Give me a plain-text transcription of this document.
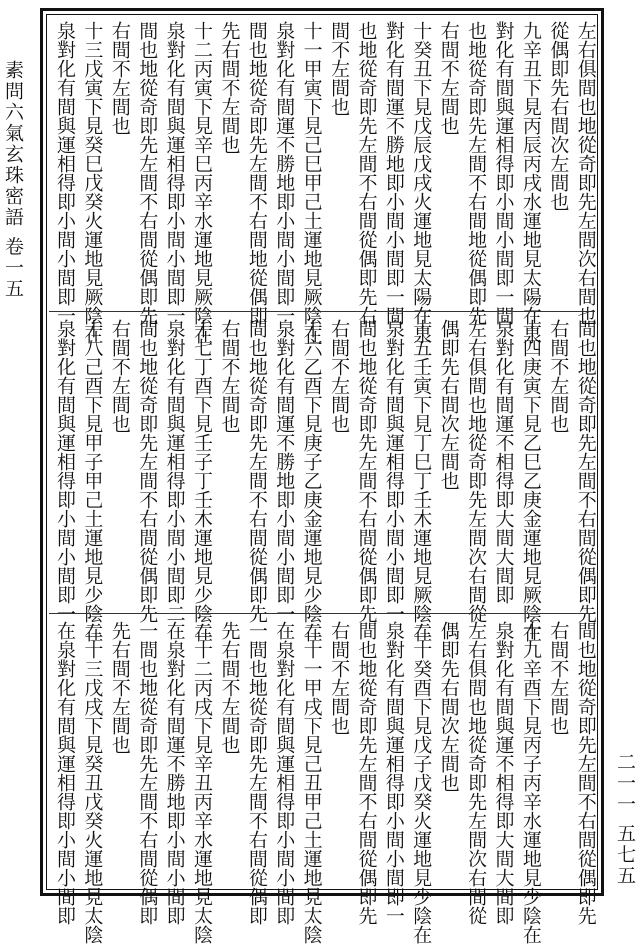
素問六氣玄珠密語 卷一五
二一一 五七五
左右俱間也地從奇即先左間次右間也
從偶即先右間次左間也
九辛丑下見丙辰丙戌水運地見太陽在泉
對化有間與運相得即小間小間即一間
也地從奇即先左間不右間地從偶即先
右間不左間也
十癸丑下見戊辰戊戌火運地見太陽在泉
對化有間運不勝地即小間小間即一間
也地從奇即先左間不右間從偶即先右
間不左間也
十一甲寅下見己巳甲己土運地見厥陰在
泉對化有間運不勝地即小間小間即一
間也地從奇即先左間不右間地從偶即
先右間不左間也
十二丙寅下見辛巳丙辛水運地見厥陰在
泉對化有間與運相得即小間小間即一
間也地從奇即先左間不右間從偶即先
右間不左間也
十三戊寅下見癸巳戊癸火運地見厥陰在
泉對化有間與運相得即小間小間即一
間也地從奇即先左間不右間從偶即先
右間不左間也
十四庚寅下見乙巳乙庚金運地見厥陰在
泉對化有間運不相得即大間大間即
左右俱間也地從奇即先左間次右間從
偶即先右間次左間也
十五壬寅下見丁巳丁壬木運地見厥陰在
泉對化有間與運相得即小間小間即一
間也地從奇即先左間不右間從偶即先
右間不左間也
十六乙酉下見庚子乙庚金運地見少陰在
泉對化有間運不勝地即小間小間即一
間也地從奇即先左間不右間從偶即先
右間不左間也
十七丁酉下見壬子丁壬木運地見少陰在
泉對化有間與運相得即小間小間即二
間也地從奇即先左間不右間從偶即先
右間不左間也
十八己酉下見甲子甲己土運地見少陰在
泉對化有間與運相得即小間小間即一
間也地從奇即先左間不右間從偶即先
右間不左間也
十九辛酉下見丙子丙辛水運地見少陰在
泉對化有間與運不相得即大間大間即
左右俱間也地從奇即先左間次右間從
偶即先右間次左間也
二十癸酉下見戊子戊癸火運地見少陰在
泉對化有間與運相得即小間小間即一
間也地從奇即先左間不右間從偶即先
右間不左間也
二十一甲戌下見己丑甲己土運地見太陰
在泉對化有間與運相得即小間小間即
一間也地從奇即先左間不右間從偶即
先右間不左間也
二十二丙戌下見辛丑丙辛水運地見太陰
在泉對化有間運不勝地即小間小間即
一間也地從奇即先左間不右間從偶即
先右間不左間也
二十三戊戌下見癸丑戊癸火運地見太陰
在泉對化有間與運相得即小間小間即
